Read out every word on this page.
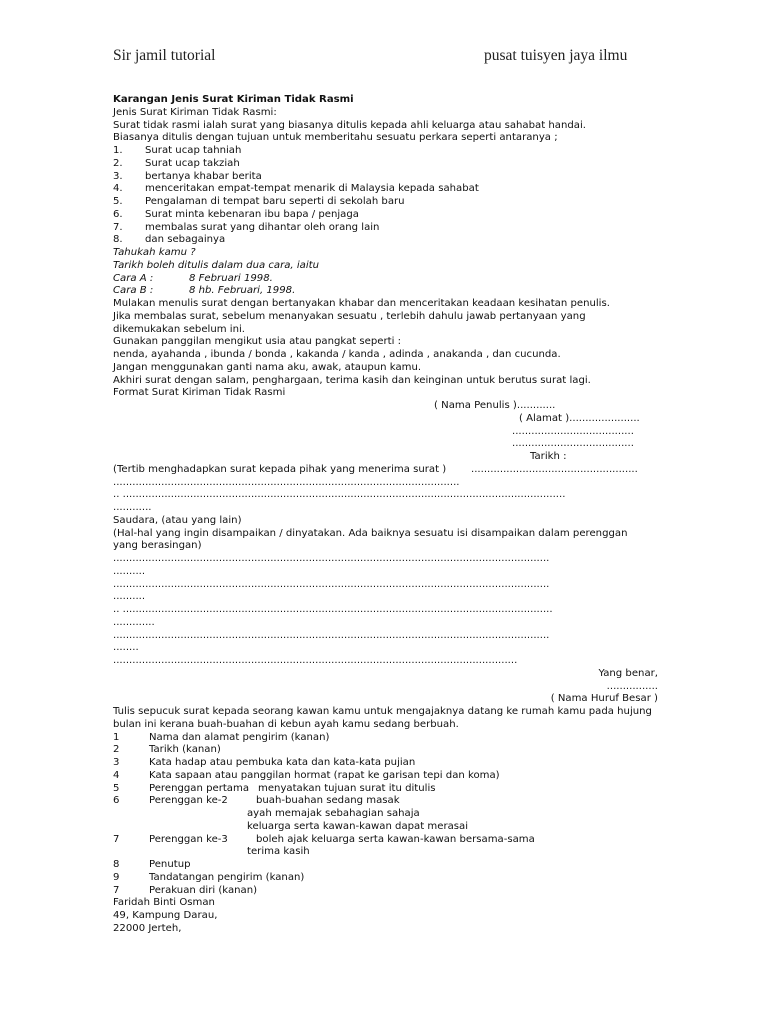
Sir jamil tutorial	pusat tuisyen jaya ilmu
Karangan Jenis Surat Kiriman Tidak Rasmi
Jenis Surat Kiriman Tidak Rasmi:
Surat tidak rasmi ialah surat yang biasanya ditulis kepada ahli keluarga atau sahabat handai.
Biasanya ditulis dengan tujuan untuk memberitahu sesuatu perkara seperti antaranya ;
1. Surat ucap tahniah
2. Surat ucap takziah
3. bertanya khabar berita
4. menceritakan empat-tempat menarik di Malaysia kepada sahabat
5. Pengalaman di tempat baru seperti di sekolah baru
6. Surat minta kebenaran ibu bapa / penjaga
7. membalas surat yang dihantar oleh orang lain
8. dan sebagainya
Tahukah kamu ?
Tarikh boleh ditulis dalam dua cara, iaitu
Cara A :	8 Februari 1998.
Cara B :	8 hb. Februari, 1998.
Mulakan menulis surat dengan bertanyakan khabar dan menceritakan keadaan kesihatan penulis.
Jika membalas surat, sebelum menanyakan sesuatu , terlebih dahulu jawab pertanyaan yang
dikemukakan sebelum ini.
Gunakan panggilan mengikut usia atau pangkat seperti :
nenda, ayahanda , ibunda / bonda , kakanda / kanda , adinda , anakanda , dan cucunda.
Jangan menggunakan ganti nama aku, awak, ataupun kamu.
Akhiri surat dengan salam, penghargaan, terima kasih dan keinginan untuk berutus surat lagi.
Format Surat Kiriman Tidak Rasmi
( Nama Penulis )............
( Alamat )......................
......................................
......................................
Tarikh :
(Tertib menghadapkan surat kepada pihak yang menerima surat ) ....................................................
............................................................................................................
.. ..........................................................................................................................................
............
Saudara, (atau yang lain)
(Hal-hal yang ingin disampaikan / dinyatakan. Ada baiknya sesuatu isi disampaikan dalam perenggan
yang berasingan)
........................................................................................................................................
..........
........................................................................................................................................
..........
.. ......................................................................................................................................
.............
........................................................................................................................................
........
..............................................................................................................................
Yang benar,
................
( Nama Huruf Besar )
Tulis sepucuk surat kepada seorang kawan kamu untuk mengajaknya datang ke rumah kamu pada hujung
bulan ini kerana buah-buahan di kebun ayah kamu sedang berbuah.
1	Nama dan alamat pengirim (kanan)
2	Tarikh (kanan)
3	Kata hadap atau pembuka kata dan kata-kata pujian
4	Kata sapaan atau panggilan hormat (rapat ke garisan tepi dan koma)
5	Perenggan pertama menyatakan tujuan surat itu ditulis
6	Perenggan ke-2	buah-buahan sedang masak
ayah memajak sebahagian sahaja
keluarga serta kawan-kawan dapat merasai
7	Perenggan ke-3	boleh ajak keluarga serta kawan-kawan bersama-sama
terima kasih
8	Penutup
9	Tandatangan pengirim (kanan)
7	Perakuan diri (kanan)
Faridah Binti Osman
49, Kampung Darau,
22000 Jerteh,
